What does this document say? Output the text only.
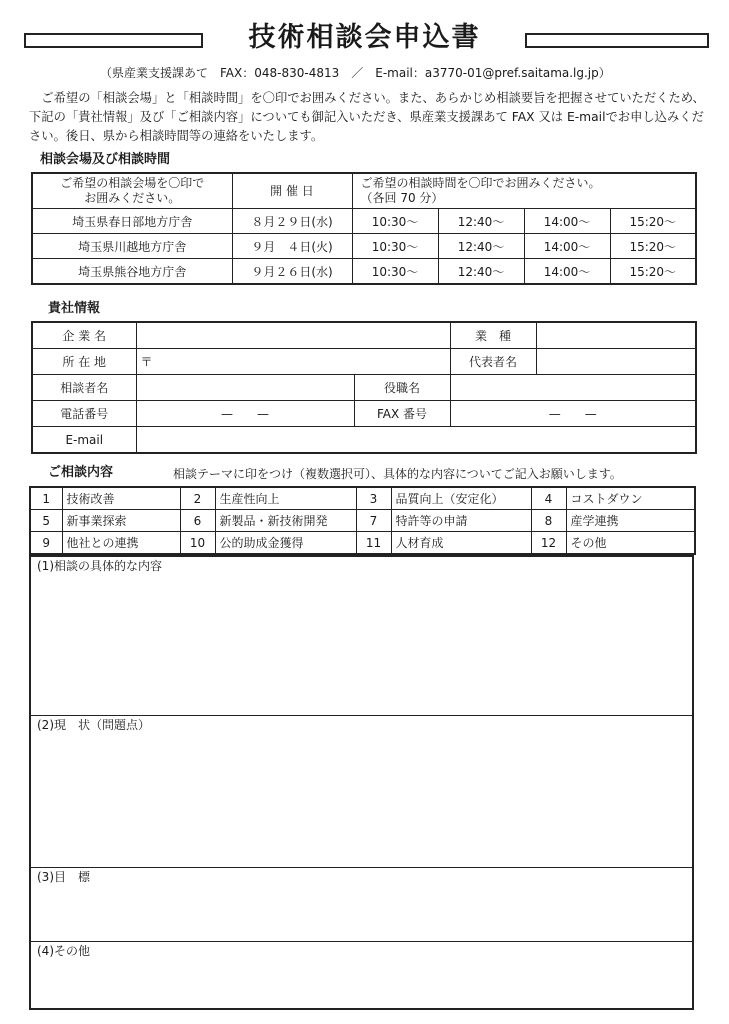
技術相談会申込書
（県産業支援課あて　FAX：048-830-4813　／　E-mail：a3770-01@pref.saitama.lg.jp）
　ご希望の「相談会場」と「相談時間」を〇印でお囲みください。また、あらかじめ相談要旨を把握させていただくため、下記の「貴社情報」及び「ご相談内容」についても御記入いただき、県産業支援課あて FAX 又は E-mailでお申し込みください。後日、県から相談時間等の連絡をいたします。
相談会場及び相談時間
ご希望の相談会場を〇印で
お囲みください。	開 催 日	ご希望の相談時間を〇印でお囲みください。
（各回 70 分）			
埼玉県春日部地方庁舎	８月２９日(水)	10:30～	12:40～	14:00～	15:20～
埼玉県川越地方庁舎	９月　４日(火)	10:30～	12:40～	14:00～	15:20～
埼玉県熊谷地方庁舎	９月２６日(水)	10:30～	12:40～	14:00～	15:20～
貴社情報
企 業 名			業　種	
所 在 地	〒		代表者名	
相談者名		役職名		
電話番号	—　　—	FAX 番号	—　　—	
E-mail				
ご相談内容	相談テーマに印をつけ（複数選択可）、具体的な内容についてご記入お願いします。
1	技術改善	2	生産性向上	3	品質向上（安定化）	4	コストダウン
5	新事業探索	6	新製品・新技術開発	7	特許等の申請	8	産学連携
9	他社との連携	10	公的助成金獲得	11	人材育成	12	その他
(1)相談の具体的な内容
(2)現　状（問題点）
(3)目　標
(4)その他
